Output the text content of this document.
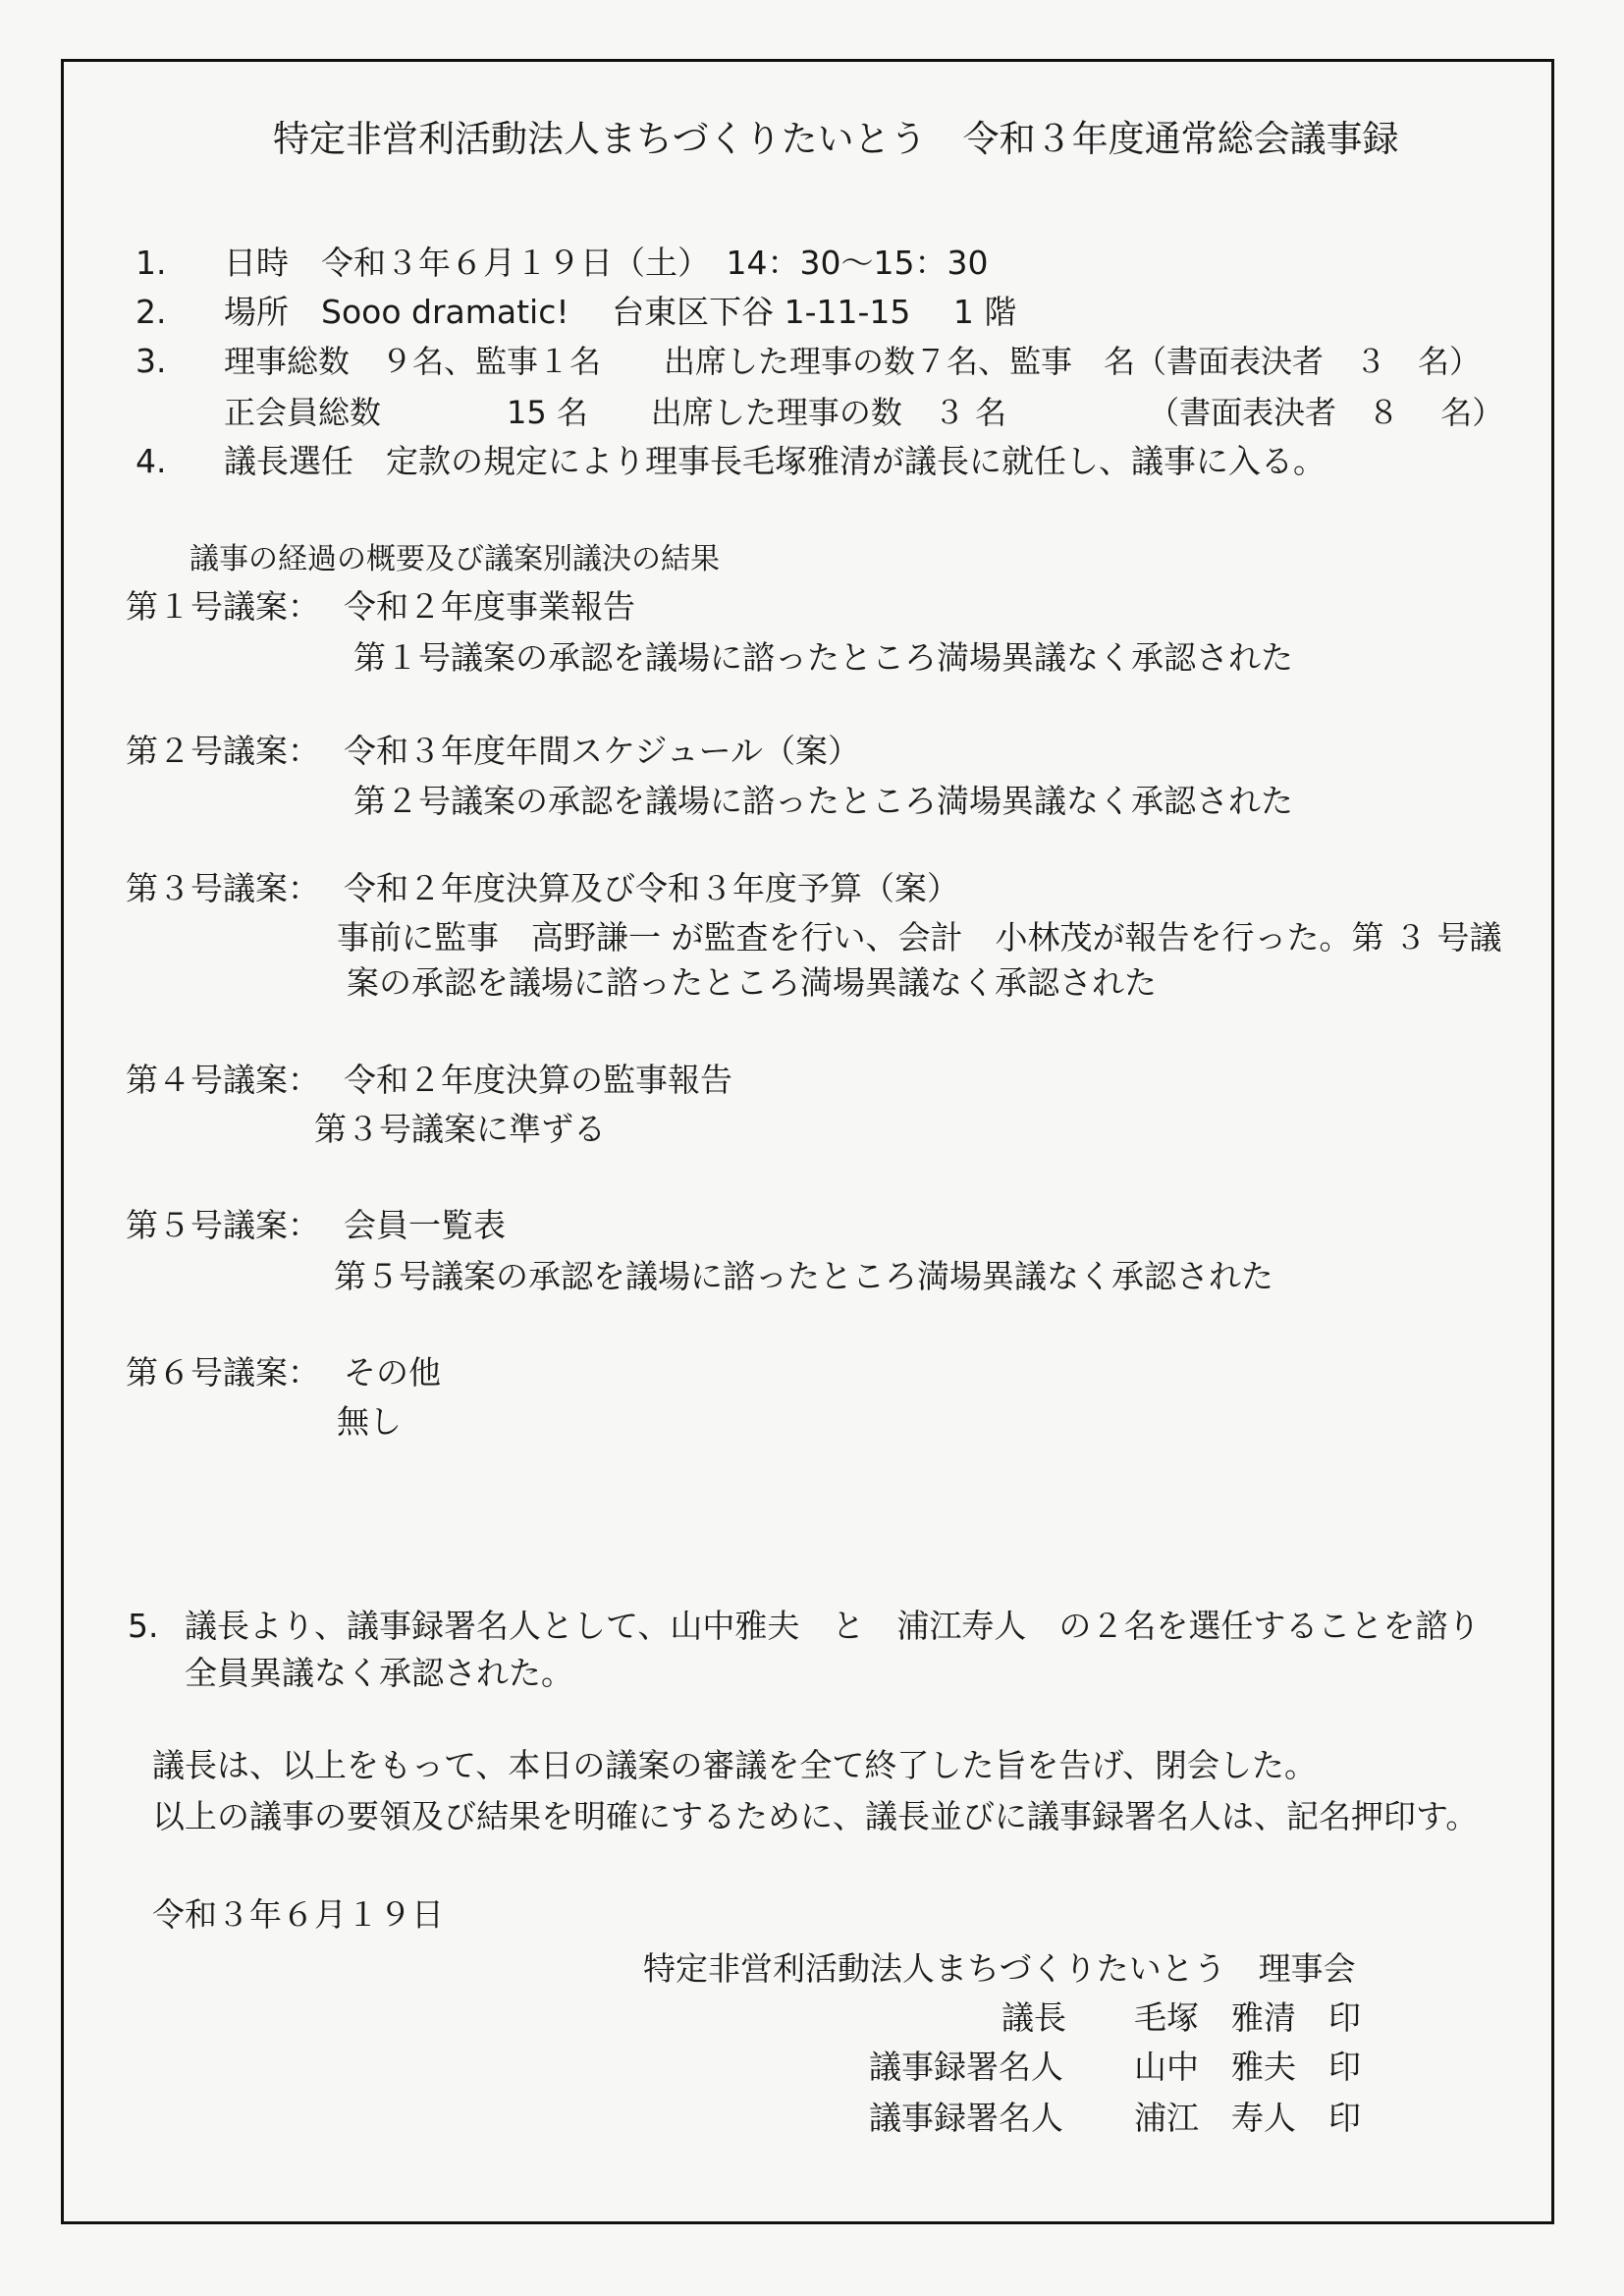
特定非営利活動法人まちづくりたいとう　令和３年度通常総会議事録
1. 日時　令和３年６月１９日（土）　14：30～15：30
2. 場所　Sooo dramatic!　 台東区下谷 1-11-15　 1 階
3. 理事総数　９名、監事１名　　出席した理事の数７名、監事　名（書面表決者　３　名）
正会員総数　　　　15 名　　出席した理事の数　３ 名　　　　　（書面表決者　８　 名）
4. 議長選任　定款の規定により理事長毛塚雅清が議長に就任し、議事に入る。
議事の経過の概要及び議案別議決の結果
第１号議案： 令和２年度事業報告
第１号議案の承認を議場に諮ったところ満場異議なく承認された
第２号議案： 令和３年度年間スケジュール（案）
第２号議案の承認を議場に諮ったところ満場異議なく承認された
第３号議案： 令和２年度決算及び令和３年度予算（案）
事前に監事　高野謙一 が監査を行い、会計　小林茂が報告を行った。第 ３ 号議
案の承認を議場に諮ったところ満場異議なく承認された
第４号議案： 令和２年度決算の監事報告
第３号議案に準ずる
第５号議案： 会員一覧表
第５号議案の承認を議場に諮ったところ満場異議なく承認された
第６号議案： その他
無し
5. 議長より、議事録署名人として、山中雅夫　と　浦江寿人　の２名を選任することを諮り
全員異議なく承認された。
議長は、以上をもって、本日の議案の審議を全て終了した旨を告げ、閉会した。
以上の議事の要領及び結果を明確にするために、議長並びに議事録署名人は、記名押印す。
令和３年６月１９日
特定非営利活動法人まちづくりたいとう　理事会
議長 毛塚　雅清 印
議事録署名人 山中　雅夫 印
議事録署名人 浦江　寿人 印
